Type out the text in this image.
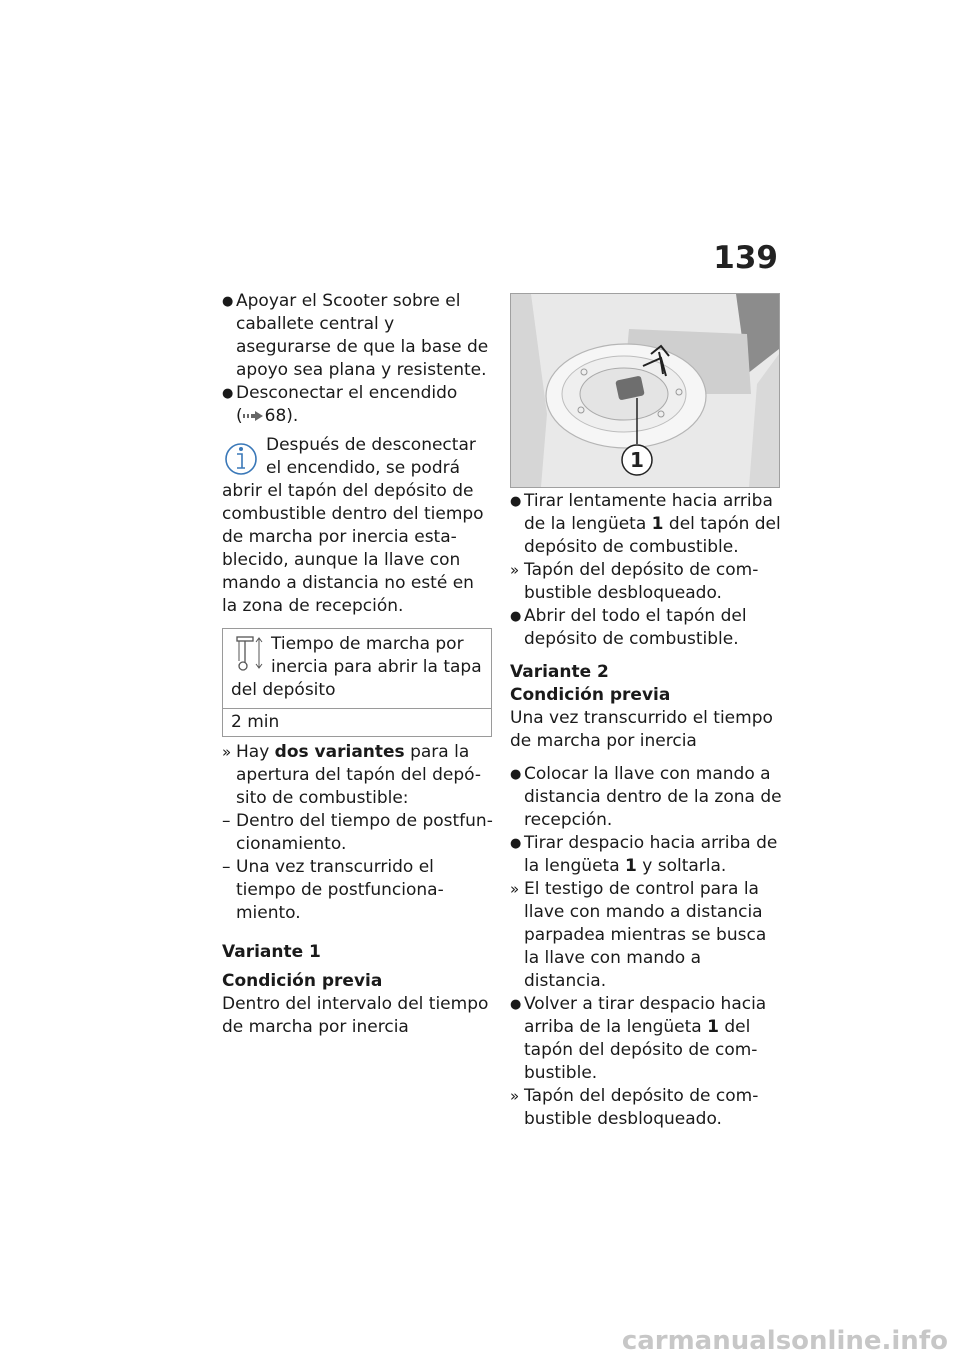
139
● Apoyar el Scooter sobre el caballete central y asegurarse de que la base de apoyo sea plana y resistente.
● Desconectar el encendido
( 68).

Después de desconectar el encendido, se podrá abrir el tapón del depósito de combustible dentro del tiempo de marcha por inercia esta-blecido, aunque la llave con mando a distancia no esté en la zona de recepción.

Tiempo de marcha por inercia para abrir la tapa del depósito
2 min
» Hay dos variantes para la apertura del tapón del depó-sito de combustible:
– Dentro del tiempo de postfun-cionamiento.
– Una vez transcurrido el tiempo de postfunciona-miento.

Variante 1

Condición previa

Dentro del intervalo del tiempo de marcha por inercia

1
● Tirar lentamente hacia arriba de la lengüeta 1 del tapón del depósito de combustible.
» Tapón del depósito de com-bustible desbloqueado.
● Abrir del todo el tapón del depósito de combustible.

Variante 2

Condición previa

Una vez transcurrido el tiempo de marcha por inercia

● Colocar la llave con mando a distancia dentro de la zona de recepción.
● Tirar despacio hacia arriba de la lengüeta 1 y soltarla.
» El testigo de control para la llave con mando a distancia parpadea mientras se busca la llave con mando a distancia.
● Volver a tirar despacio hacia arriba de la lengüeta 1 del tapón del depósito de com-bustible.
» Tapón del depósito de com-bustible desbloqueado.
carmanualsonline.info
